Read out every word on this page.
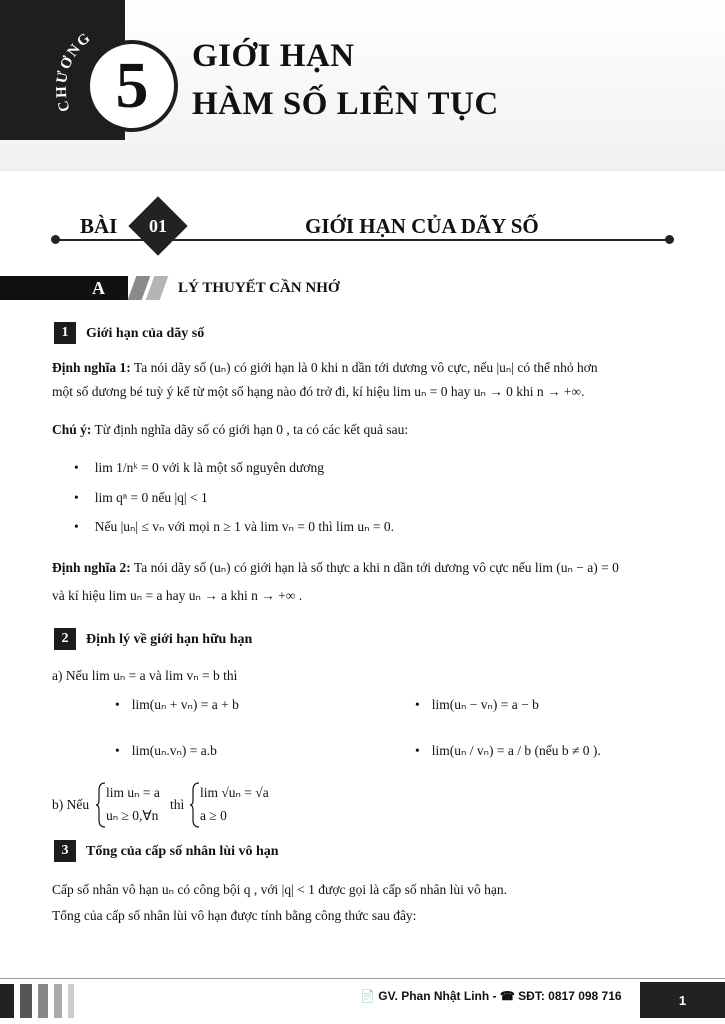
CHƯƠNG
5	GIỚI HẠN
HÀM SỐ LIÊN TỤC
BÀI	01	GIỚI HẠN CỦA DÃY SỐ
A	LÝ THUYẾT CẦN NHỚ
1	Giới hạn của dãy số
Định nghĩa 1: Ta nói dãy số (uₙ) có giới hạn là 0 khi n dần tới dương vô cực, nếu |uₙ| có thể nhỏ hơn
một số dương bé tuỳ ý kể từ một số hạng nào đó trở đi, kí hiệu lim uₙ = 0 hay uₙ → 0 khi n → +∞.
Chú ý: Từ định nghĩa dãy số có giới hạn 0 , ta có các kết quả sau:
• lim 1/nᵏ = 0 với k là một số nguyên dương
• lim qⁿ = 0 nếu |q| < 1
• Nếu |uₙ| ≤ vₙ với mọi n ≥ 1 và lim vₙ = 0 thì lim uₙ = 0.
Định nghĩa 2: Ta nói dãy số (uₙ) có giới hạn là số thực a khi n dần tới dương vô cực nếu lim (uₙ − a) = 0
và kí hiệu lim uₙ = a hay uₙ → a khi n → +∞ .
2	Định lý về giới hạn hữu hạn
a) Nếu lim uₙ = a và lim vₙ = b thì
• lim(uₙ + vₙ) = a + b	• lim(uₙ − vₙ) = a − b
• lim(uₙ.vₙ) = a.b	• lim(uₙ / vₙ) = a / b (nếu b ≠ 0 ).
b) Nếu
lim uₙ = a
uₙ ≥ 0,∀n
thì
lim √uₙ = √a
a ≥ 0
3	Tổng của cấp số nhân lùi vô hạn
Cấp số nhân vô hạn uₙ có công bội q , với |q| < 1 được gọi là cấp số nhân lùi vô hạn.
Tổng của cấp số nhân lùi vô hạn được tính bằng công thức sau đây:
📄 GV. Phan Nhật Linh - ☎ SĐT: 0817 098 716	1
